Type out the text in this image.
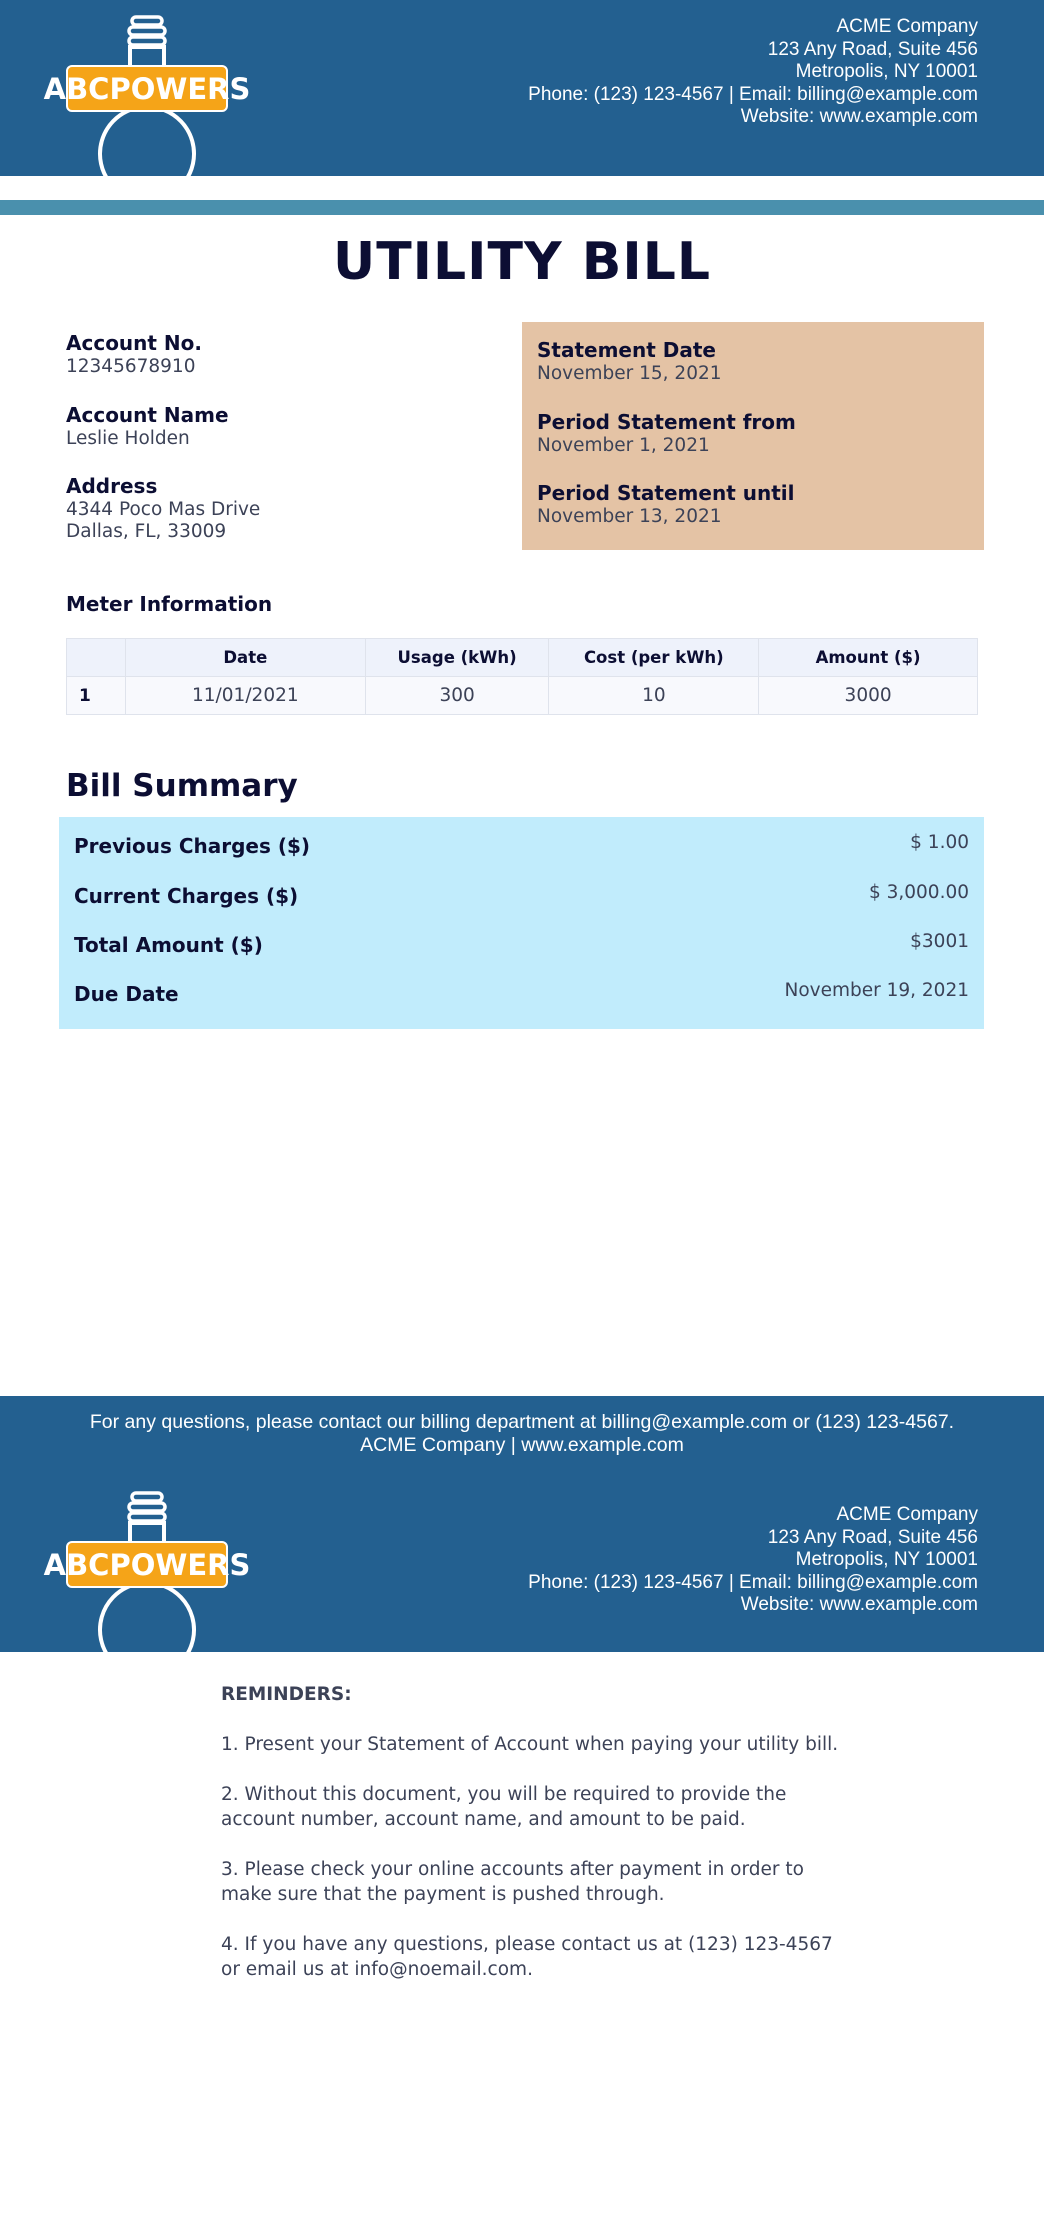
ABCPOWERS
ACME Company
123 Any Road, Suite 456
Metropolis, NY 10001
Phone: (123) 123-4567 | Email: billing@example.com
Website: www.example.com
UTILITY BILL
Account No.
12345678910
Account Name
Leslie Holden
Address
4344 Poco Mas Drive
Dallas, FL, 33009
Statement Date
November 15, 2021
Period Statement from
November 1, 2021
Period Statement until
November 13, 2021
Meter Information
	Date	Usage (kWh)	Cost (per kWh)	Amount ($)
1	11/01/2021	300	10	3000
Bill Summary
Previous Charges ($)	$ 1.00
Current Charges ($)	$ 3,000.00
Total Amount ($)	$3001
Due Date	November 19, 2021
For any questions, please contact our billing department at billing@example.com or (123) 123-4567.
ACME Company | www.example.com
ABCPOWERS
ACME Company
123 Any Road, Suite 456
Metropolis, NY 10001
Phone: (123) 123-4567 | Email: billing@example.com
Website: www.example.com
REMINDERS:
1. Present your Statement of Account when paying your utility bill.
2. Without this document, you will be required to provide the account number, account name, and amount to be paid.
3. Please check your online accounts after payment in order to make sure that the payment is pushed through.
4. If you have any questions, please contact us at (123) 123-4567 or email us at info@noemail.com.
